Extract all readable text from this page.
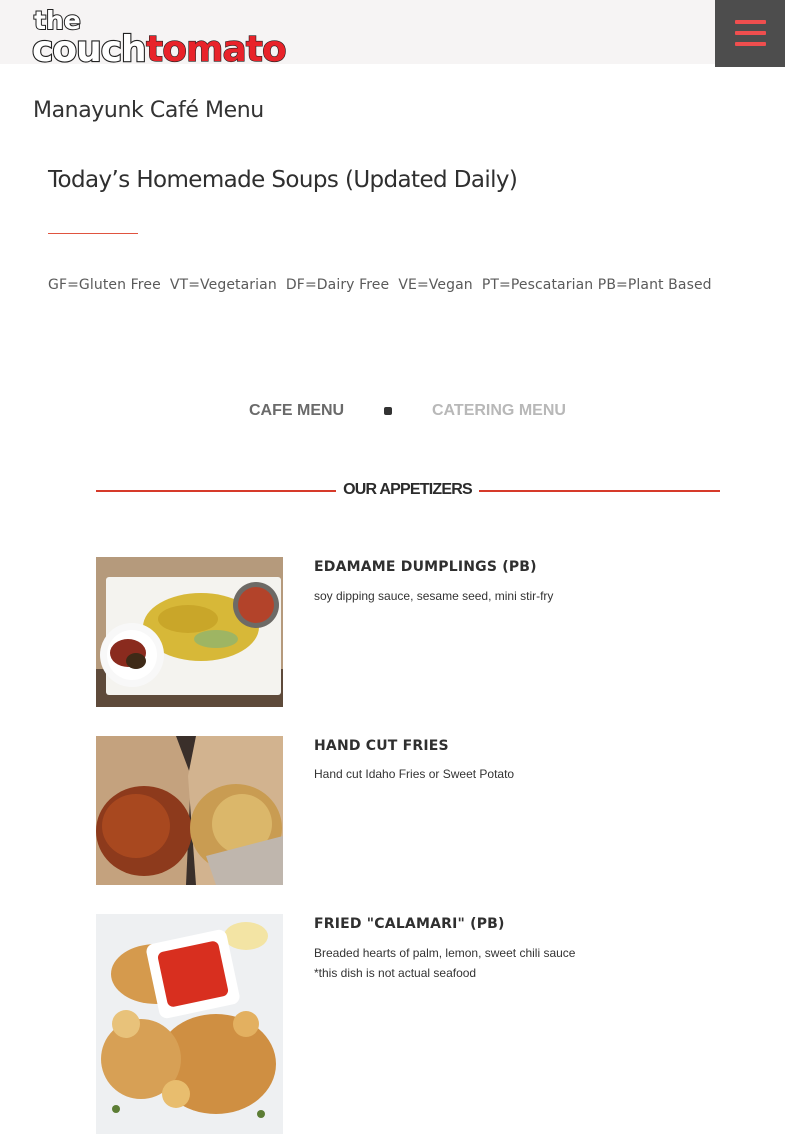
the
couch tomato
Manayunk Café Menu
Today’s Homemade Soups (Updated Daily)

GF=Gluten Free  VT=Vegetarian  DF=Dairy Free  VE=Vegan  PT=Pescatarian PB=Plant Based

CAFE MENU	CATERING MENU
OUR APPETIZERS
EDAMAME DUMPLINGS (PB)
soy dipping sauce, sesame seed, mini stir-fry
HAND CUT FRIES
Hand cut Idaho Fries or Sweet Potato
FRIED "CALAMARI" (PB)
Breaded hearts of palm, lemon, sweet chili sauce
*this dish is not actual seafood
